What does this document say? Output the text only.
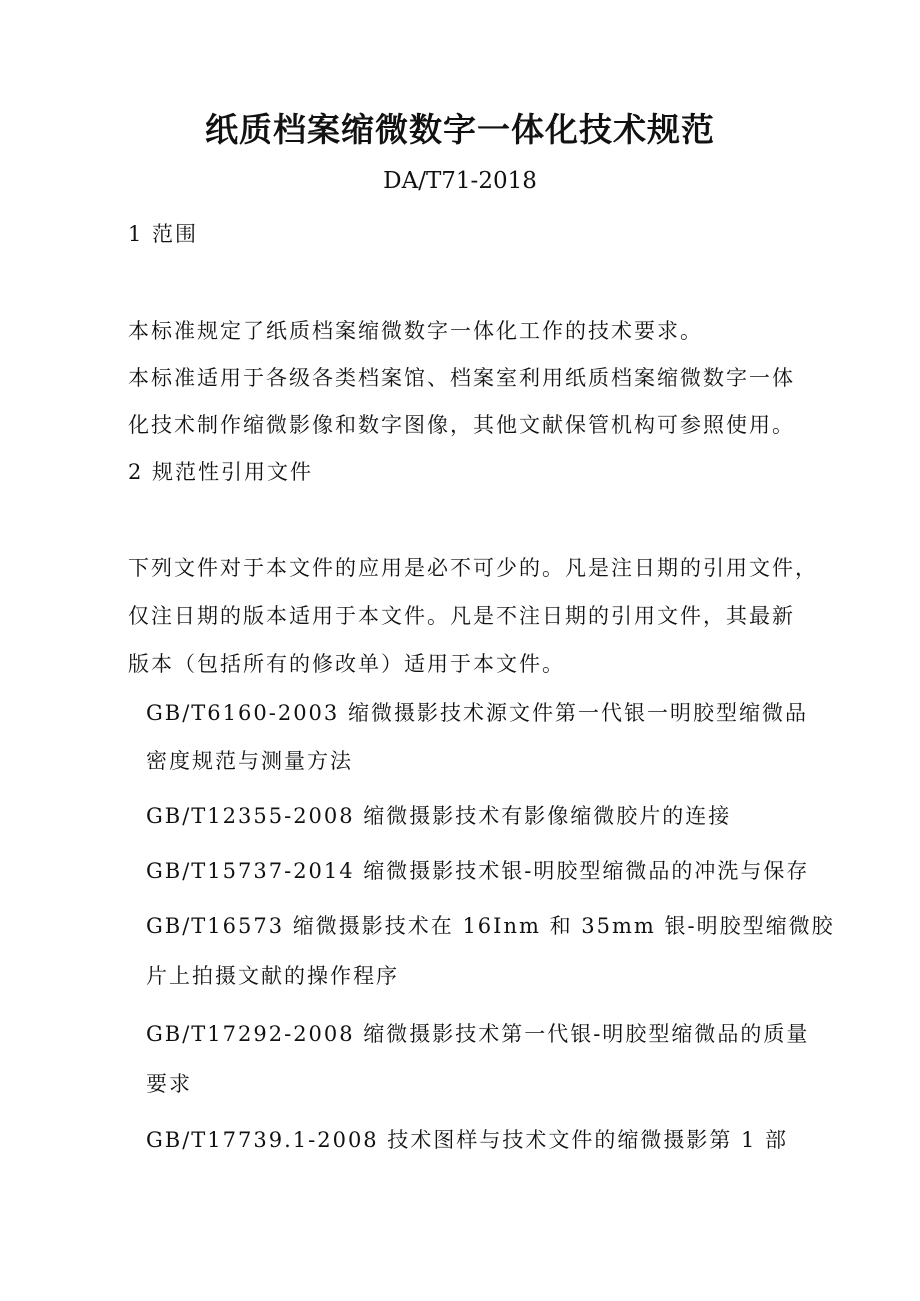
纸质档案缩微数字一体化技术规范

DA/T71-2018

1 范围

本标准规定了纸质档案缩微数字一体化工作的技术要求。

本标准适用于各级各类档案馆、档案室利用纸质档案缩微数字一体

化技术制作缩微影像和数字图像，其他文献保管机构可参照使用。

2 规范性引用文件

下列文件对于本文件的应用是必不可少的。凡是注日期的引用文件，

仅注日期的版本适用于本文件。凡是不注日期的引用文件，其最新

版本（包括所有的修改单）适用于本文件。

GB/T6160-2003 缩微摄影技术源文件第一代银一明胶型缩微品

密度规范与测量方法

GB/T12355-2008 缩微摄影技术有影像缩微胶片的连接

GB/T15737-2014 缩微摄影技术银-明胶型缩微品的冲洗与保存

GB/T16573 缩微摄影技术在 16Inm 和 35mm 银-明胶型缩微胶

片上拍摄文献的操作程序

GB/T17292-2008 缩微摄影技术第一代银-明胶型缩微品的质量

要求

GB/T17739.1-2008 技术图样与技术文件的缩微摄影第 1 部
